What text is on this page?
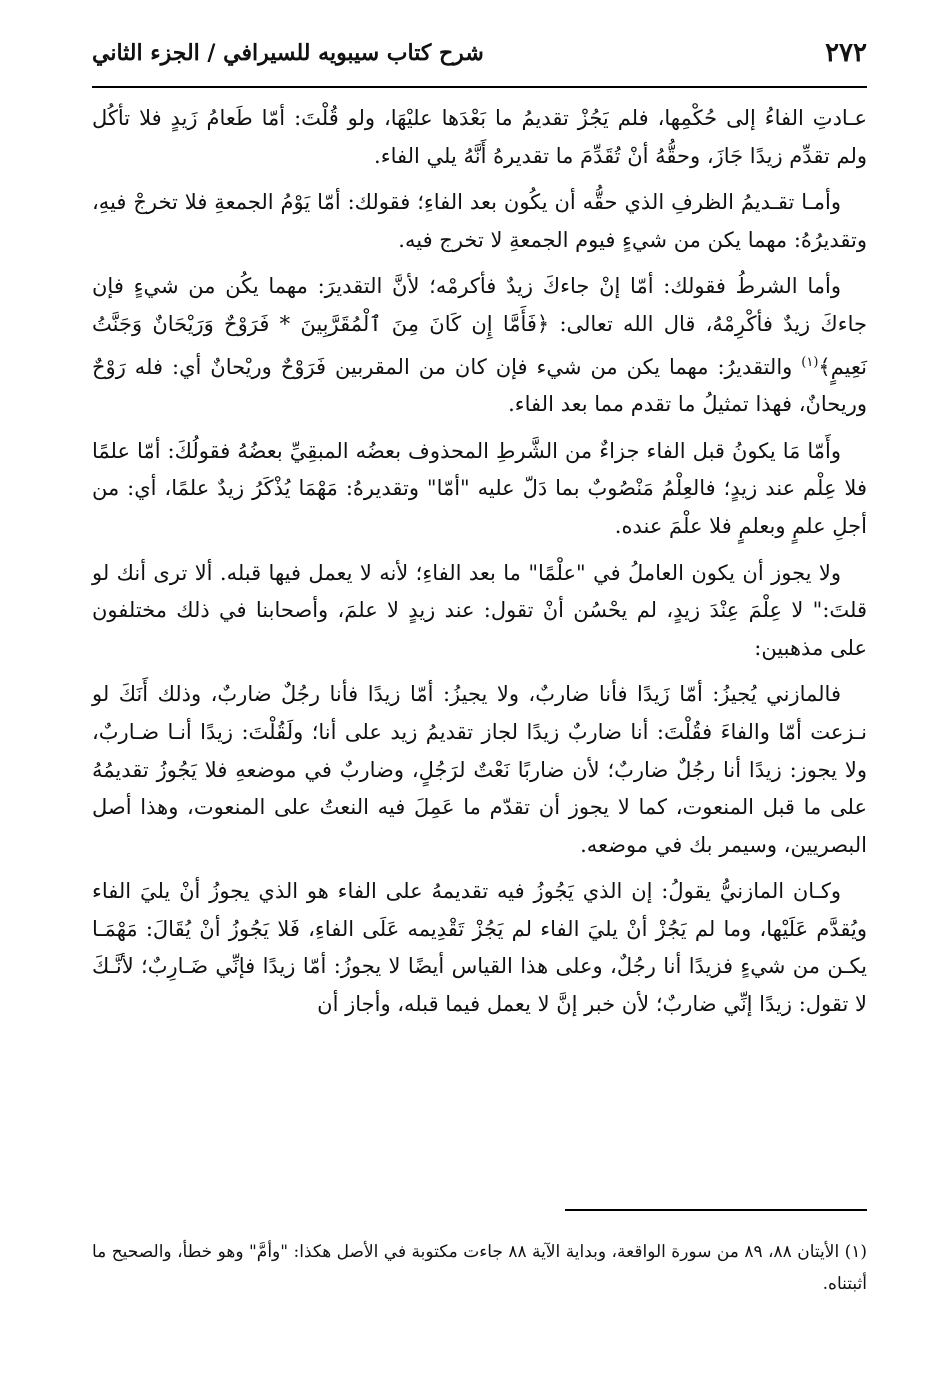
٢٧٢
شرح كتاب سيبويه للسيرافي / الجزء الثاني

عـادتِ الفاءُ إلى حُكْمِها، فلم يَجُزْ تقديمُ ما بَعْدَها عليْهَا، ولو قُلْتَ: أمّا طَعامُ زَيدٍ فلا تأكُل ولم تقدِّم زيدًا جَازَ، وحقُّهُ أنْ تُقَدِّمَ ما تقديرهُ أَنَّهُ يلي الفاء.

وأمـا تقـديمُ الظرفِ الذي حقُّه أن يكُون بعد الفاءِ؛ فقولك: أمّا يَوْمُ الجمعةِ فلا تخرجْ فيهِ، وتقديرُهُ: مهما يكن من شيءٍ فيوم الجمعةِ لا تخرج فيه.

وأما الشرطُ فقولك: أمّا إنْ جاءكَ زيدٌ فأكرمْه؛ لأنَّ التقديرَ: مهما يكُن من شيءٍ فإن جاءكَ زيدٌ فأكْرِمْهُ، قال الله تعالى: ﴿فَأَمَّا إِن كَانَ مِنَ ٱلْمُقَرَّبِينَ * فَرَوْحٌ وَرَيْحَانٌ وَجَنَّتُ نَعِيمٍ﴾$^{(١)}$ والتقديرُ: مهما يكن من شيء فإن كان من المقربين فَرَوْحٌ وريْحانٌ أي: فله رَوْحٌ وريحانٌ، فهذا تمثيلُ ما تقدم مما بعد الفاء.

وأَمّا مَا يكونُ قبل الفاء جزاءٌ من الشَّرطِ المحذوف بعضُه المبقِيِّ بعضُهُ فقولُكَ: أمّا علمًا فلا عِلْم عند زيدٍ؛ فالعِلْمُ مَنْصُوبٌ بما دَلّ عليه "أمّا" وتقديرهُ: مَهْمَا يُذْكَرُ زيدٌ علمًا، أي: من أجلِ علمٍ وبعلمٍ فلا علْمَ عنده.

ولا يجوز أن يكون العاملُ في "علْمًا" ما بعد الفاءِ؛ لأنه لا يعمل فيها قبله. ألا ترى أنك لو قلتَ:" لا عِلْمَ عِنْدَ زيدٍ، لم يحْسُن أنْ تقول: عند زيدٍ لا علمَ، وأصحابنا في ذلك مختلفون على مذهبين:

فالمازني يُجيزُ: أمّا زَيدًا فأنا ضاربٌ، ولا يجيزُ: أمّا زيدًا فأنا رجُلٌ ضاربٌ، وذلك أَنَكَ لو نـزعت أمّا والفاءَ فقُلْتَ: أنا ضاربٌ زيدًا لجاز تقديمُ زيد على أنا؛ ولَقُلْتَ: زيدًا أنـا ضـاربٌ، ولا يجوز: زيدًا أنا رجُلٌ ضاربٌ؛ لأن ضاربًا نَعْتٌ لرَجُلٍ، وضاربٌ في موضعهِ فلا يَجُوزُ تقديمُهُ على ما قبل المنعوت، كما لا يجوز أن تقدّم ما عَمِلَ فيه النعتُ على المنعوت، وهذا أصل البصريين، وسيمر بك في موضعه.

وكـان المازنيُّ يقولُ: إن الذي يَجُوزُ فيه تقديمهُ على الفاء هو الذي يجوزُ أنْ يليَ الفاء ويُقدَّم عَلَيْها، وما لم يَجُزْ أنْ يليَ الفاء لم يَجُزْ تَقْدِيمه عَلَى الفاءِ، فَلا يَجُوزُ أنْ يُقَالَ: مَهْمَـا يكـن من شيءٍ فزيدًا أنا رجُلٌ، وعلى هذا القياس أيضًا لا يجوزُ: أمّا زيدًا فإنِّي ضَـارِبٌ؛ لأنَّـكَ لا تقول: زيدًا إنِّي ضاربٌ؛ لأن خبر إنَّ لا يعمل فيما قبله، وأجاز أن

(١) الأيتان ٨٨، ٨٩ من سورة الواقعة، وبداية الآية ٨٨ جاءت مكتوبة في الأصل هكذا: "وأمَّ" وهو خطأ، والصحيح ما أثبتناه.
